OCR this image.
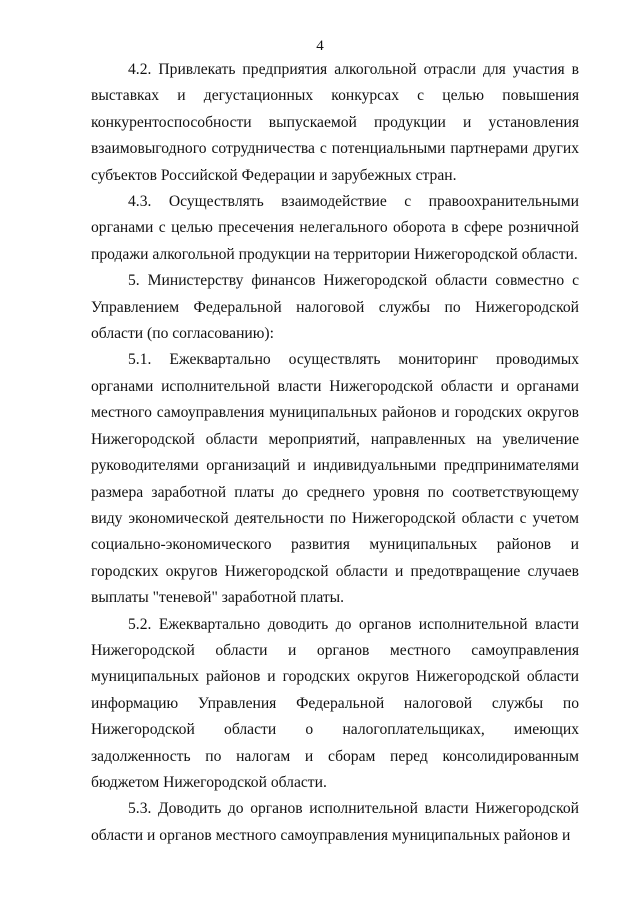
4

4.2. Привлекать предприятия алкогольной отрасли для участия в выставках и дегустационных конкурсах с целью повышения конкурентоспособности выпускаемой продукции и установления взаимовыгодного сотрудничества с потенциальными партнерами других субъектов Российской Федерации и зарубежных стран.

4.3. Осуществлять взаимодействие с правоохранительными органами с целью пресечения нелегального оборота в сфере розничной продажи алкогольной продукции на территории Нижегородской области.

5. Министерству финансов Нижегородской области совместно с Управлением Федеральной налоговой службы по Нижегородской области (по согласованию):

5.1. Ежеквартально осуществлять мониторинг проводимых органами исполнительной власти Нижегородской области и органами местного самоуправления муниципальных районов и городских округов Нижегородской области мероприятий, направленных на увеличение руководителями организаций и индивидуальными предпринимателями размера заработной платы до среднего уровня по соответствующему виду экономической деятельности по Нижегородской области с учетом социально-экономического развития муниципальных районов и городских округов Нижегородской области и предотвращение случаев выплаты "теневой" заработной платы.

5.2. Ежеквартально доводить до органов исполнительной власти Нижегородской области и органов местного самоуправления муниципальных районов и городских округов Нижегородской области информацию Управления Федеральной налоговой службы по Нижегородской области о налогоплательщиках, имеющих задолженность по налогам и сборам перед консолидированным бюджетом Нижегородской области.

5.3. Доводить до органов исполнительной власти Нижегородской области и органов местного самоуправления муниципальных районов и
